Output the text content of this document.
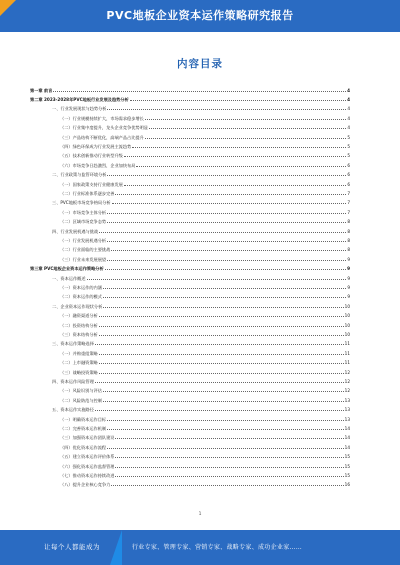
PVC地板企业资本运作策略研究报告
内容目录
第一章 前言	4
第二章 2023-2028年PVC地板行业发展及趋势分析	4
一、行业发展现状与趋势分析	4
（一）行业规模持续扩大，市场需求稳步增长	4
（二）行业集中度提升，龙头企业竞争优势明显	4
（三）产品结构不断优化，高端产品占比提升	5
（四）绿色环保成为行业发展主流趋势	5
（五）技术创新推动行业转型升级	5
（六）市场竞争日趋激烈，企业加快布局	6
二、行业政策与监管环境分析	6
（一）国家政策支持行业健康发展	6
（二）行业标准体系逐步完善	7
三、PVC地板市场竞争格局分析	7
（一）市场竞争主体分析	7
（二）区域市场竞争态势	8
四、行业发展机遇与挑战	8
（一）行业发展机遇分析	8
（二）行业面临的主要挑战	8
（三）行业未来发展展望	9
第三章 PVC地板企业资本运作策略分析	9
一、资本运作概述	9
（一）资本运作的内涵	9
（二）资本运作的模式	9
二、企业资本运作现状分析	10
（一）融资渠道分析	10
（二）投资结构分析	10
（三）资本结构分析	10
三、资本运作策略选择	11
（一）并购重组策略	11
（二）上市融资策略	11
（三）战略投资策略	12
四、资本运作风险管理	12
（一）风险识别与评估	12
（二）风险防范与控制	13
五、资本运作实施路径	13
（一）明确资本运作目标	13
（二）完善资本运作机制	14
（三）加强资本运作团队建设	14
（四）优化资本运作流程	14
（五）建立资本运作评价体系	15
（六）强化资本运作监督管理	15
（七）推动资本运作持续改进	15
（八）提升企业核心竞争力	16
1
让每个人都能成为	行业专家、管理专家、营销专家、战略专家、成功企业家……
